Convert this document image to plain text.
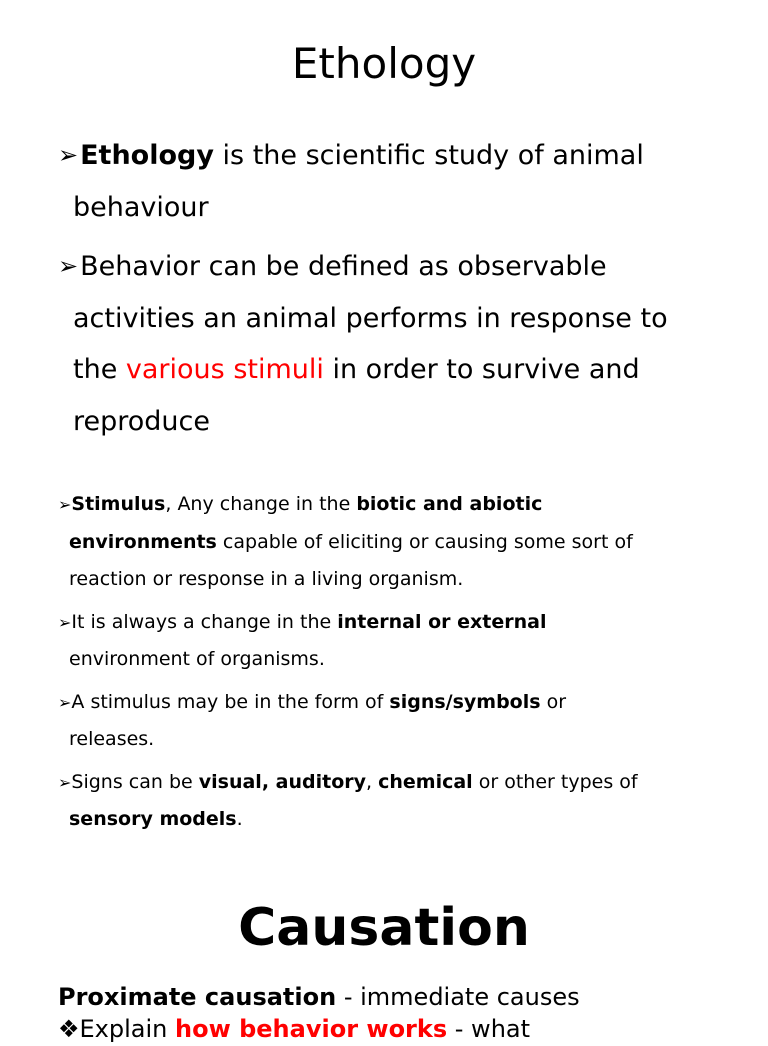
Ethology
➢Ethology is the scientific study of animal
behaviour
➢Behavior can be defined as observable
activities an animal performs in response to
the various stimuli in order to survive and
reproduce
➢Stimulus, Any change in the biotic and abiotic
environments capable of eliciting or causing some sort of
reaction or response in a living organism.
➢It is always a change in the internal or external
environment of organisms.
➢A stimulus may be in the form of signs/symbols or
releases.
➢Signs can be visual, auditory, chemical or other types of
sensory models.
Causation
Proximate causation - immediate causes
❖Explain how behavior works - what
